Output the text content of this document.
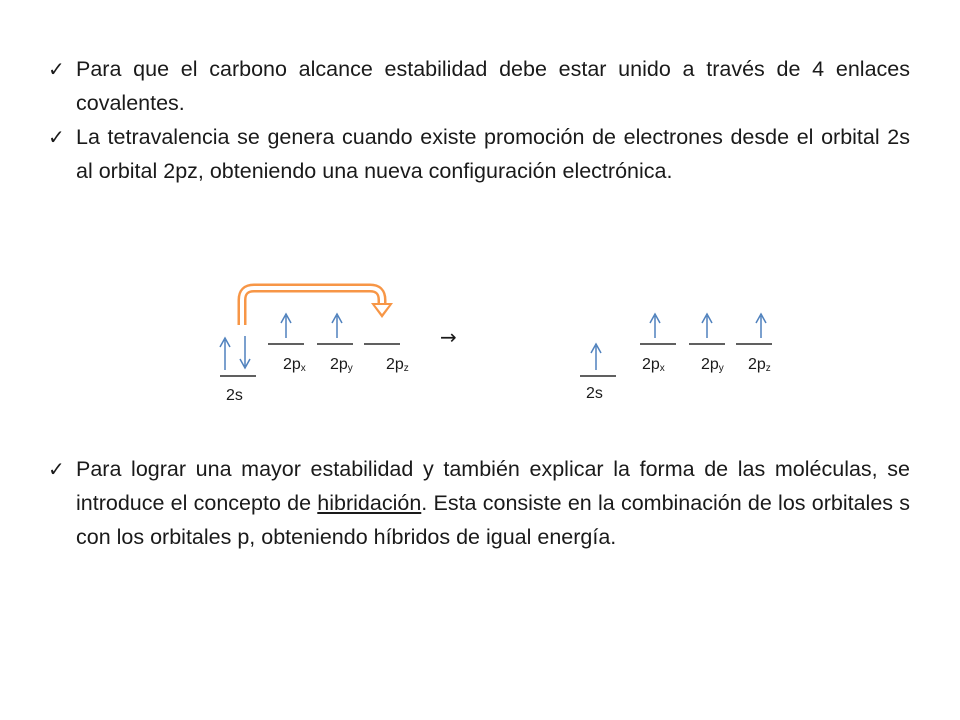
✓ Para que el carbono alcance estabilidad debe estar unido a través de 4 enlaces covalentes.
✓ La tetravalencia se genera cuando existe promoción de electrones desde el orbital 2s al orbital 2pz, obteniendo una nueva configuración electrónica.
→
2s
$2p_x$ $2p_y$ $2p_z$
2s
$2p_x$ $2p_y$ $2p_z$
✓ Para lograr una mayor estabilidad y también explicar la forma de las moléculas, se introduce el concepto de hibridación. Esta consiste en la combinación de los orbitales s con los orbitales p, obteniendo híbridos de igual energía.
